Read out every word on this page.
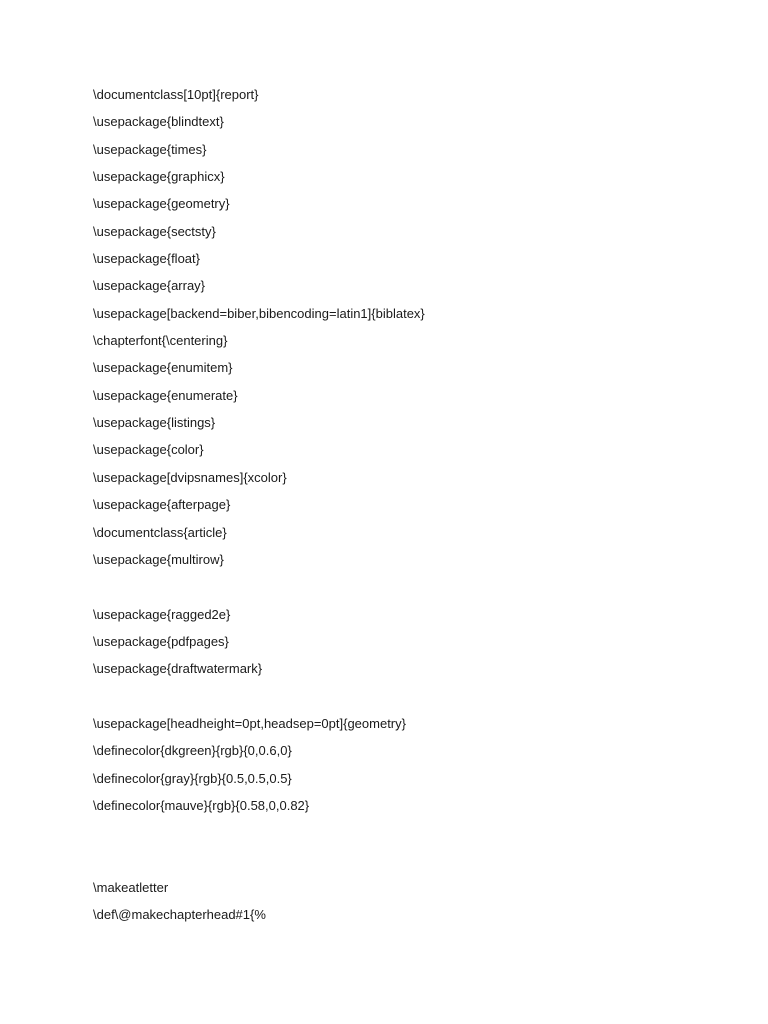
\documentclass[10pt]{report}
\usepackage{blindtext}
\usepackage{times}
\usepackage{graphicx}
\usepackage{geometry}
\usepackage{sectsty}
\usepackage{float}
\usepackage{array}
\usepackage[backend=biber,bibencoding=latin1]{biblatex}
\chapterfont{\centering}
\usepackage{enumitem}
\usepackage{enumerate}
\usepackage{listings}
\usepackage{color}
\usepackage[dvipsnames]{xcolor}
\usepackage{afterpage}
\documentclass{article}
\usepackage{multirow}
\usepackage{ragged2e}
\usepackage{pdfpages}
\usepackage{draftwatermark}
\usepackage[headheight=0pt,headsep=0pt]{geometry}
\definecolor{dkgreen}{rgb}{0,0.6,0}
\definecolor{gray}{rgb}{0.5,0.5,0.5}
\definecolor{mauve}{rgb}{0.58,0,0.82}
\makeatletter
\def\@makechapterhead#1{%
